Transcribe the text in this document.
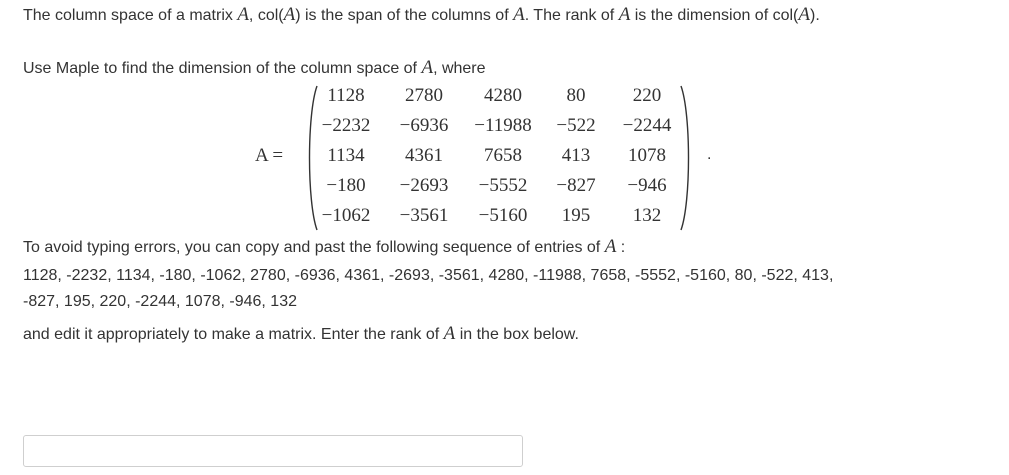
The column space of a matrix A, col(A) is the span of the columns of A. The rank of A is the dimension of col(A).
Use Maple to find the dimension of the column space of A, where
A =
1128	2780	4280	80	220
−2232	−6936	−11988	−522	−2244
1134	4361	7658	413	1078
−180	−2693	−5552	−827	−946
−1062	−3561	−5160	195	132
.
To avoid typing errors, you can copy and past the following sequence of entries of A :
1128, -2232, 1134, -180, -1062, 2780, -6936, 4361, -2693, -3561, 4280, -11988, 7658, -5552, -5160, 80, -522, 413,
-827, 195, 220, -2244, 1078, -946, 132
and edit it appropriately to make a matrix. Enter the rank of A in the box below.
